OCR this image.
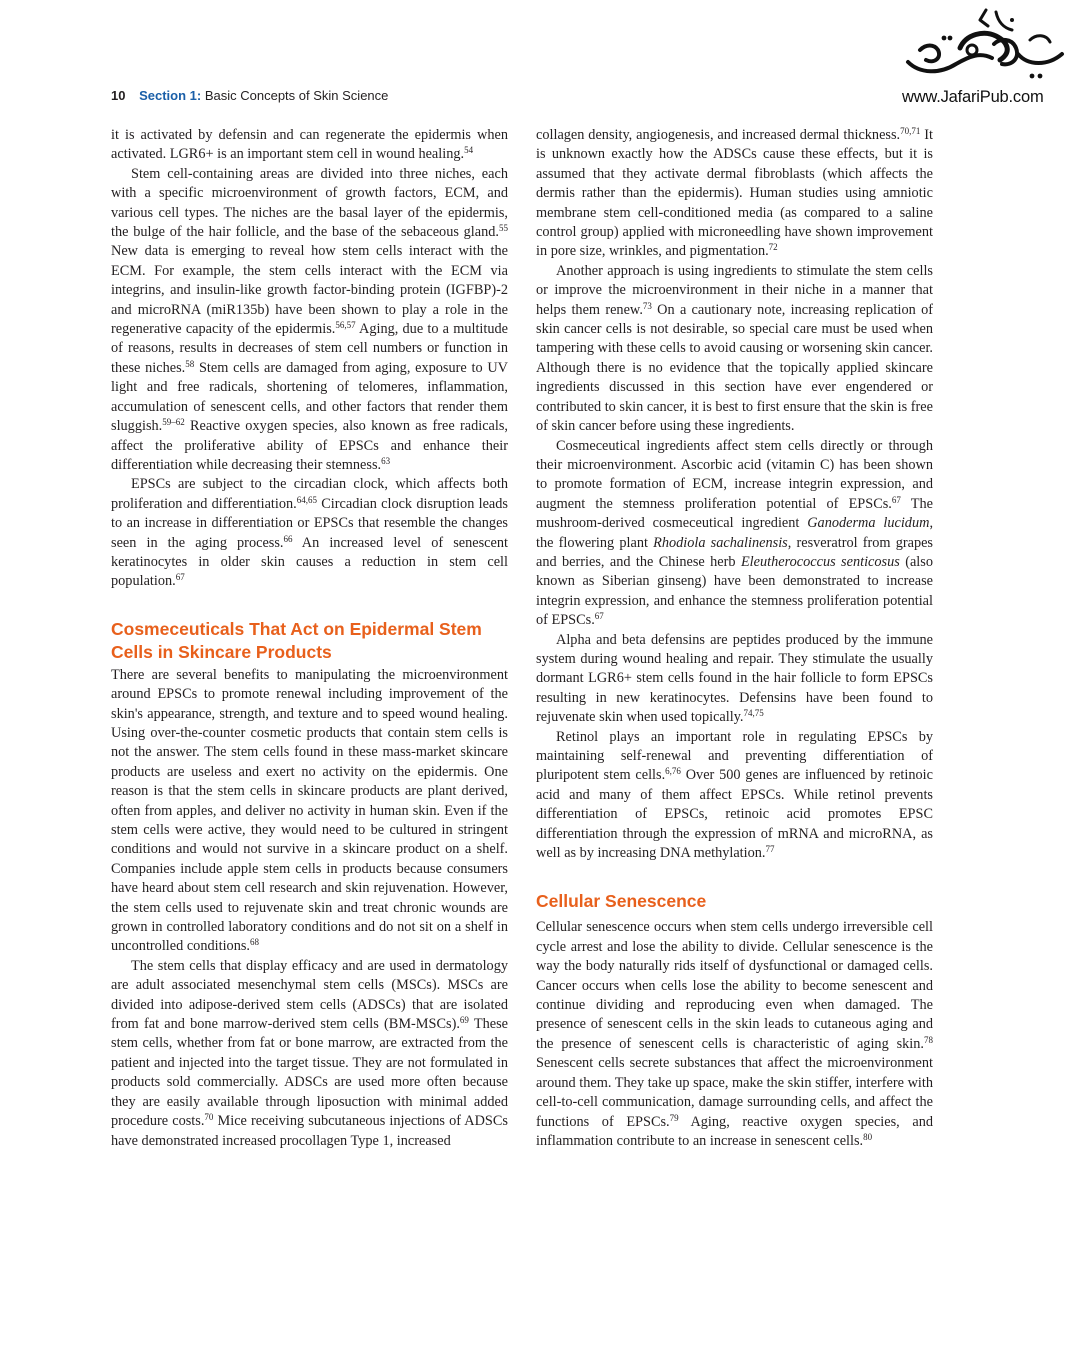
10 Section 1: Basic Concepts of Skin Science	www.JafariPub.com

it is activated by defensin and can regenerate the epidermis when activated. LGR6+ is an important stem cell in wound healing.$^{54}$

Stem cell-containing areas are divided into three niches, each with a specific microenvironment of growth factors, ECM, and various cell types. The niches are the basal layer of the epidermis, the bulge of the hair follicle, and the base of the sebaceous gland.$^{55}$ New data is emerging to reveal how stem cells interact with the ECM. For example, the stem cells interact with the ECM via integrins, and insulin-like growth factor-binding protein (IGFBP)-2 and microRNA (miR135b) have been shown to play a role in the regenerative capacity of the epidermis.$^{56,57}$ Aging, due to a multitude of reasons, results in decreases of stem cell numbers or function in these niches.$^{58}$ Stem cells are damaged from aging, exposure to UV light and free radicals, shortening of telomeres, inflammation, accumulation of senescent cells, and other factors that render them sluggish.$^{59-62}$ Reactive oxygen species, also known as free radicals, affect the proliferative ability of EPSCs and enhance their differentiation while decreasing their stemness.$^{63}$

EPSCs are subject to the circadian clock, which affects both proliferation and differentiation.$^{64,65}$ Circadian clock disruption leads to an increase in differentiation or EPSCs that resemble the changes seen in the aging process.$^{66}$ An increased level of senescent keratinocytes in older skin causes a reduction in stem cell population.$^{67}$

Cosmeceuticals That Act on Epidermal Stem
Cells in Skincare Products

There are several benefits to manipulating the microenvironment around EPSCs to promote renewal including improvement of the skin's appearance, strength, and texture and to speed wound healing. Using over-the-counter cosmetic products that contain stem cells is not the answer. The stem cells found in these mass-market skincare products are useless and exert no activity on the epidermis. One reason is that the stem cells in skincare products are plant derived, often from apples, and deliver no activity in human skin. Even if the stem cells were active, they would need to be cultured in stringent conditions and would not survive in a skincare product on a shelf. Companies include apple stem cells in products because consumers have heard about stem cell research and skin rejuvenation. However, the stem cells used to rejuvenate skin and treat chronic wounds are grown in controlled laboratory conditions and do not sit on a shelf in uncontrolled conditions.$^{68}$

The stem cells that display efficacy and are used in dermatology are adult associated mesenchymal stem cells (MSCs). MSCs are divided into adipose-derived stem cells (ADSCs) that are isolated from fat and bone marrow-derived stem cells (BM-MSCs).$^{69}$ These stem cells, whether from fat or bone marrow, are extracted from the patient and injected into the target tissue. They are not formulated in products sold commercially. ADSCs are used more often because they are easily available through liposuction with minimal added procedure costs.$^{70}$ Mice receiving subcutaneous injections of ADSCs have demonstrated increased procollagen Type 1, increased

collagen density, angiogenesis, and increased dermal thickness.$^{70,71}$ It is unknown exactly how the ADSCs cause these effects, but it is assumed that they activate dermal fibroblasts (which affects the dermis rather than the epidermis). Human studies using amniotic membrane stem cell-conditioned media (as compared to a saline control group) applied with microneedling have shown improvement in pore size, wrinkles, and pigmentation.$^{72}$

Another approach is using ingredients to stimulate the stem cells or improve the microenvironment in their niche in a manner that helps them renew.$^{73}$ On a cautionary note, increasing replication of skin cancer cells is not desirable, so special care must be used when tampering with these cells to avoid causing or worsening skin cancer. Although there is no evidence that the topically applied skincare ingredients discussed in this section have ever engendered or contributed to skin cancer, it is best to first ensure that the skin is free of skin cancer before using these ingredients.

Cosmeceutical ingredients affect stem cells directly or through their microenvironment. Ascorbic acid (vitamin C) has been shown to promote formation of ECM, increase integrin expression, and augment the stemness proliferation potential of EPSCs.$^{67}$ The mushroom-derived cosmeceutical ingredient Ganoderma lucidum, the flowering plant Rhodiola sachalinensis, resveratrol from grapes and berries, and the Chinese herb Eleutherococcus senticosus (also known as Siberian ginseng) have been demonstrated to increase integrin expression, and enhance the stemness proliferation potential of EPSCs.$^{67}$

Alpha and beta defensins are peptides produced by the immune system during wound healing and repair. They stimulate the usually dormant LGR6+ stem cells found in the hair follicle to form EPSCs resulting in new keratinocytes. Defensins have been found to rejuvenate skin when used topically.$^{74,75}$

Retinol plays an important role in regulating EPSCs by maintaining self-renewal and preventing differentiation of pluripotent stem cells.$^{6,76}$ Over 500 genes are influenced by retinoic acid and many of them affect EPSCs. While retinol prevents differentiation of EPSCs, retinoic acid promotes EPSC differentiation through the expression of mRNA and microRNA, as well as by increasing DNA methylation.$^{77}$

Cellular Senescence

Cellular senescence occurs when stem cells undergo irreversible cell cycle arrest and lose the ability to divide. Cellular senescence is the way the body naturally rids itself of dysfunctional or damaged cells. Cancer occurs when cells lose the ability to become senescent and continue dividing and reproducing even when damaged. The presence of senescent cells in the skin leads to cutaneous aging and the presence of senescent cells is characteristic of aging skin.$^{78}$ Senescent cells secrete substances that affect the microenvironment around them. They take up space, make the skin stiffer, interfere with cell-to-cell communication, damage surrounding cells, and affect the functions of EPSCs.$^{79}$ Aging, reactive oxygen species, and inflammation contribute to an increase in senescent cells.$^{80}$
